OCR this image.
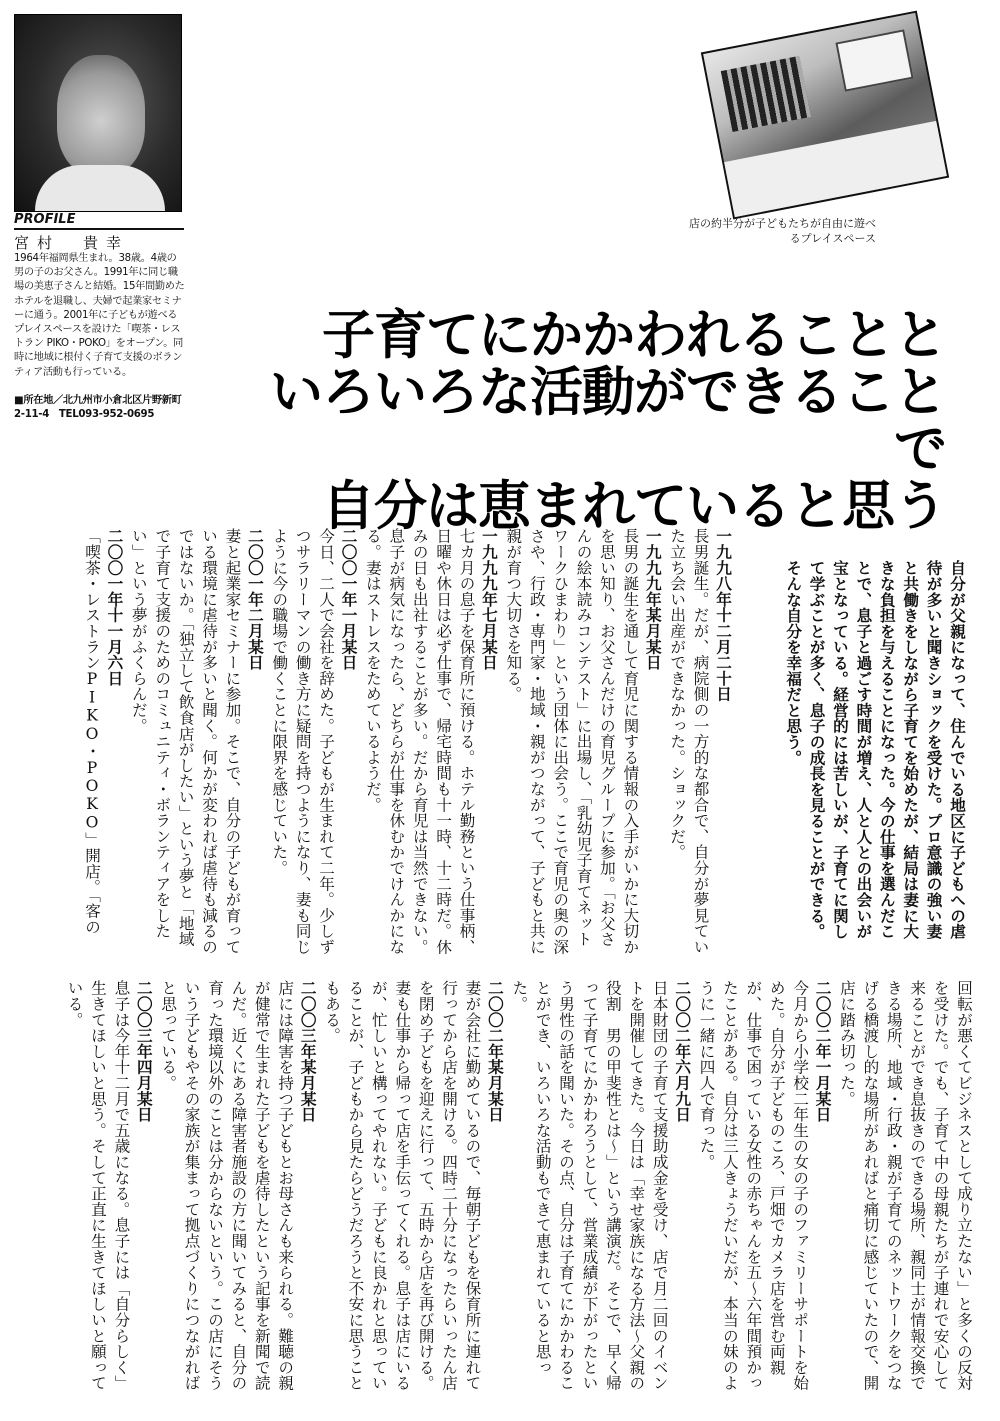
PROFILE
宮村　貴幸
1964年福岡県生まれ。38歳。4歳の男の子のお父さん。1991年に同じ職場の美恵子さんと結婚。15年間勤めたホテルを退職し、夫婦で起業家セミナーに通う。2001年に子どもが遊べるプレイスペースを設けた「喫茶・レストラン PIKO・POKO」をオープン。同時に地域に根付く子育て支援のボランティア活動も行っている。
■所在地／北九州市小倉北区片野新町2-11-4　TEL093-952-0695
店の約半分が子どもたちが自由に遊べるプレイスペース
子育てにかかわれることと
いろいろな活動ができることで
自分は恵まれていると思う
自分が父親になって、住んでいる地区に子どもへの虐待が多いと聞きショックを受けた。プロ意識の強い妻と共働きをしながら子育てを始めたが、結局は妻に大きな負担を与えることになった。今の仕事を選んだことで、息子と過ごす時間が増え、人と人との出会いが宝となっている。経営的には苦しいが、子育てに関して学ぶことが多く、息子の成長を見ることができる。そんな自分を幸福だと思う。

一九九八年十二月二十日

長男誕生。だが、病院側の一方的な都合で、自分が夢見ていた立ち会い出産ができなかった。ショックだ。

一九九九年某月某日

長男の誕生を通して育児に関する情報の入手がいかに大切かを思い知り、お父さんだけの育児グループに参加。「お父さんの絵本読みコンテスト」に出場し、「乳幼児子育てネットワークひまわり」という団体に出会う。ここで育児の奥の深さや、行政・専門家・地域・親がつながって、子どもと共に親が育つ大切さを知る。

一九九九年七月某日

七カ月の息子を保育所に預ける。ホテル勤務という仕事柄、日曜や休日は必ず仕事で、帰宅時間も十一時、十二時だ。休みの日も出社することが多い。だから育児は当然できない。息子が病気になったら、どちらが仕事を休むかでけんかになる。妻はストレスをためているようだ。

二〇〇一年一月某日

今日、二人で会社を辞めた。子どもが生まれて二年。少しずつサラリーマンの働き方に疑問を持つようになり、妻も同じように今の職場で働くことに限界を感じていた。

二〇〇一年二月某日

妻と起業家セミナーに参加。そこで、自分の子どもが育っている環境に虐待が多いと聞く。何かが変われば虐待も減るのではないか。「独立して飲食店がしたい」という夢と「地域で子育て支援のためのコミュニティ・ボランティアをしたい」という夢がふくらんだ。

二〇〇一年十一月六日

「喫茶・レストランPIKO・POKO」開店。「客の

回転が悪くてビジネスとして成り立たない」と多くの反対を受けた。でも、子育て中の母親たちが子連れで安心して来ることができ息抜きのできる場所、親同士が情報交換できる場所、地域・行政・親が子育てのネットワークをつなげる橋渡し的な場所があればと痛切に感じていたので、開店に踏み切った。

二〇〇二年一月某日

今月から小学校二年生の女の子のファミリーサポートを始めた。自分が子どものころ、戸畑でカメラ店を営む両親が、仕事で困っている女性の赤ちゃんを五～六年間預かったことがある。自分は三人きょうだいだが、本当の妹のように一緒に四人で育った。

二〇〇二年六月九日

日本財団の子育て支援助成金を受け、店で月二回のイベントを開催してきた。今日は「幸せ家族になる方法～父親の役割　男の甲斐性とは～」という講演だ。そこで、早く帰って子育てにかかわろうとして、営業成績が下がったという男性の話を聞いた。その点、自分は子育てにかかわることができ、いろいろな活動もできて恵まれていると思った。

二〇〇二年某月某日

妻が会社に勤めているので、毎朝子どもを保育所に連れて行ってから店を開ける。四時二十分になったらいったん店を閉め子どもを迎えに行って、五時から店を再び開ける。妻も仕事から帰って店を手伝ってくれる。息子は店にいるが、忙しいと構ってやれない。子どもに良かれと思っていることが、子どもから見たらどうだろうと不安に思うこともある。

二〇〇三年某月某日

店には障害を持つ子どもとお母さんも来られる。難聴の親が健常で生まれた子どもを虐待したという記事を新聞で読んだ。近くにある障害者施設の方に聞いてみると、自分の育った環境以外のことは分からないという。この店にそういう子どもやその家族が集まって拠点づくりにつながればと思っている。

二〇〇三年四月某日

息子は今年十二月で五歳になる。息子には「自分らしく」生きてほしいと思う。そして正直に生きてほしいと願っている。
